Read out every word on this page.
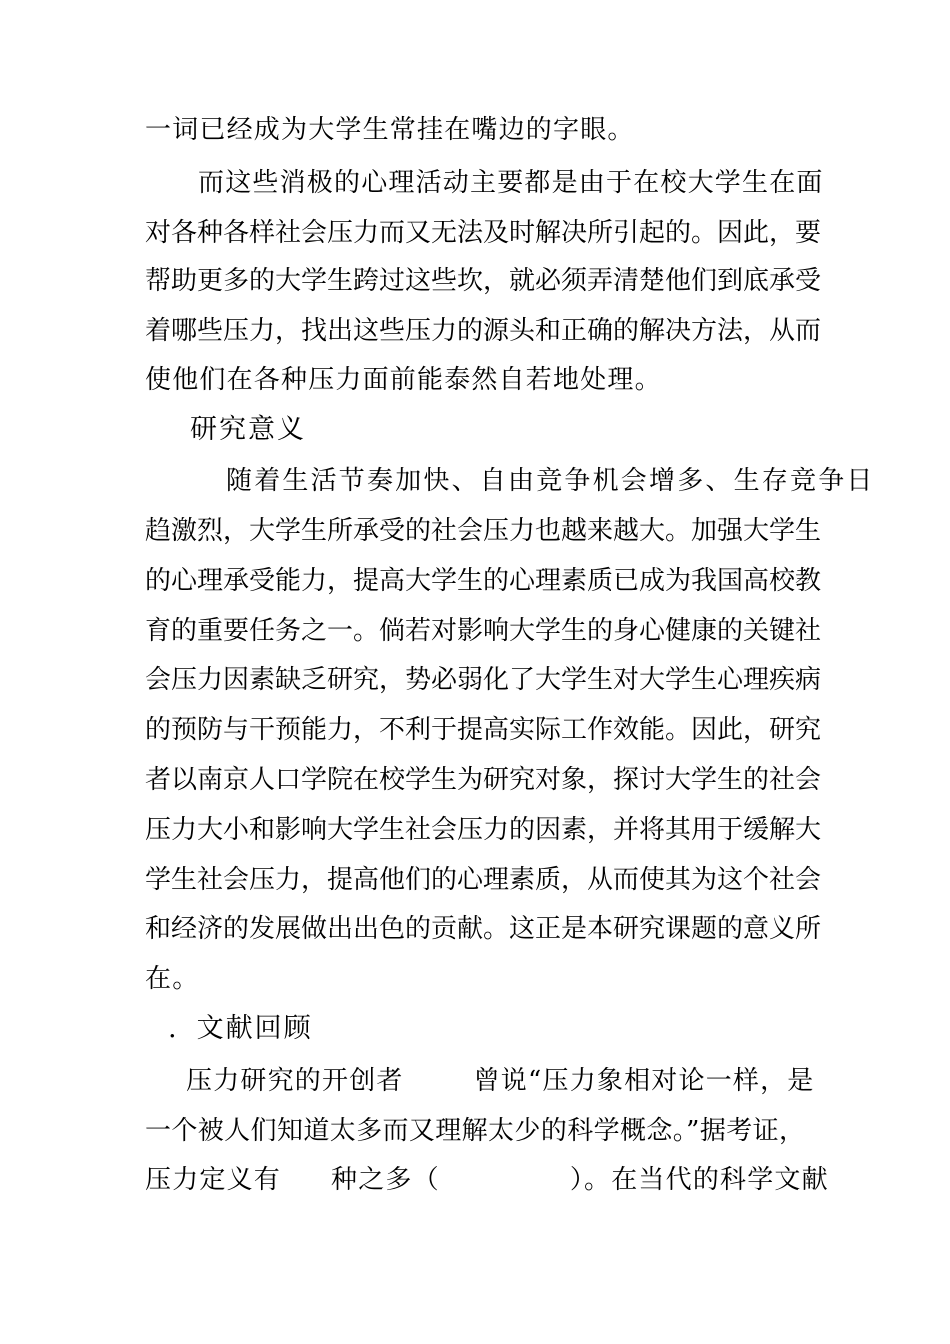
一词已经成为大学生常挂在嘴边的字眼。

而这些消极的心理活动主要都是由于在校大学生在面

对各种各样社会压力而又无法及时解决所引起的。因此，要

帮助更多的大学生跨过这些坎，就必须弄清楚他们到底承受

着哪些压力，找出这些压力的源头和正确的解决方法，从而

使他们在各种压力面前能泰然自若地处理。

研究意义

随着生活节奏加快、自由竞争机会增多、生存竞争日

趋激烈，大学生所承受的社会压力也越来越大。加强大学生

的心理承受能力，提高大学生的心理素质已成为我国高校教

育的重要任务之一。倘若对影响大学生的身心健康的关键社

会压力因素缺乏研究，势必弱化了大学生对大学生心理疾病

的预防与干预能力，不利于提高实际工作效能。因此，研究

者以南京人口学院在校学生为研究对象，探讨大学生的社会

压力大小和影响大学生社会压力的因素，并将其用于缓解大

学生社会压力，提高他们的心理素质，从而使其为这个社会

和经济的发展做出出色的贡献。这正是本研究课题的意义所

在。

. 文献回顾

压力研究的开创者	曾说“压力象相对论一样，是

一个被人们知道太多而又理解太少的科学概念。”据考证，

压力定义有 种之多（	）。在当代的科学文献
